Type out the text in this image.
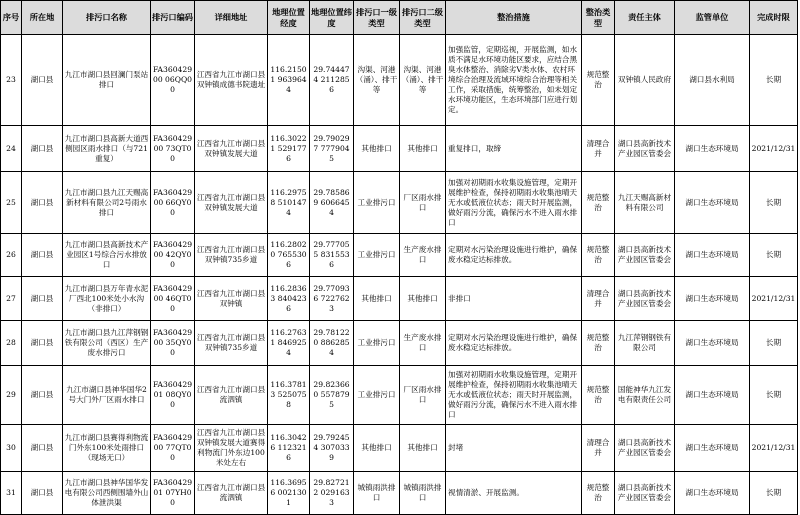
序号	所在地	排污口名称	排污口编码	详细地址	地理位置经度	地理位置纬度	排污口一级类型	排污口二级类型	整治措施	整治类型	责任主体	监管单位	完成时限
23	湖口县	九江市湖口县回澜门泵站排口	FA36042900 06QQ00	江西省九江市湖口县双钟镇成德书院遗址	116.21501 9639644	29.744474 2112856	沟渠、河港（涌）、排干等	沟渠、河港（涌）、排干等	加强监管，定期巡视，开展监测，如水质不满足水环境功能区要求，应结合黑臭水体整治、消除劣V类水体、农村环境综合治理及流域环境综合治理等相关工作，采取措施，统筹整治，如未划定水环境功能区，生态环境部门应进行划定。	规范整治	双钟镇人民政府	湖口县水利局	长期
24	湖口县	九江市湖口县高新大道西侧园区雨水排口（与721重复）	FA36042900 73QT00	江西省九江市湖口县双钟镇发展大道	116.30221 5291776	29.790297 7779045	其他排口	其他排口	重复排口，取缔	清理合并	湖口县高新技术产业园区管委会	湖口生态环境局	2021/12/31
25	湖口县	九江市湖口县九江天赐高新材料有限公司2号雨水排口	FA36042900 66QY00	江西省九江市湖口县双钟镇发展大道	116.29758 5101474	29.785869 6066454	工业排污口	厂区雨水排口	加强对初期雨水收集设施管理，定期开展维护检查，保持初期雨水收集池晴天无水或低液位状态；雨天时开展监测，做好雨污分流，确保污水不进入雨水排口	规范整治	九江天赐高新材料有限公司	湖口生态环境局	长期
26	湖口县	九江市湖口县高新技术产业园区1号综合污水排放口	FA36042900 42QY00	江西省九江市湖口县双钟镇735乡道	116.28020 7655306	29.777055 8315536	工业排污口	生产废水排口	定期对水污染治理设施进行维护，确保废水稳定达标排放。	规范整治	湖口县高新技术产业园区管委会	湖口生态环境局	长期
27	湖口县	九江市湖口县万年青水泥厂西北100米处小水沟（非排口）	FA36042900 46QT00	江西省九江市湖口县双钟镇	116.28363 8404236	29.770936 7227623	其他排口	其他排口	非排口	清理合并	湖口县高新技术产业园区管委会	湖口生态环境局	2021/12/31
28	湖口县	九江市湖口县九江萍钢钢铁有限公司（西区）生产废水排污口	FA36042900 35QY00	江西省九江市湖口县双钟镇735乡道	116.27631 8469254	29.781220 8862854	工业排污口	生产废水排口	定期对水污染治理设施进行维护，确保废水稳定达标排放。	规范整治	九江萍钢钢铁有限公司	湖口生态环境局	长期
29	湖口县	九江市湖口县神华国华2号大门外厂区雨水排口	FA36042901 08QY00	江西省九江市湖口县流泗镇	116.37813 5250758	29.823660 5578795	工业排污口	厂区雨水排口	加强对初期雨水收集设施管理，定期开展维护检查，保持初期雨水收集池晴天无水或低液位状态；雨天时开展监测，做好雨污分流，确保污水不进入雨水排口	规范整治	国能神华九江发电有限责任公司	湖口生态环境局	长期
30	湖口县	九江市湖口县赛得利物流门外东100米处雨排口（现场无口）	FA36042900 77QT00	江西省九江市湖口县双钟镇发展大道赛得利物流门外东边100米处左右	116.30426 1123216	29.792454 3070339	其他排口	其他排口	封堵	清理合并	湖口县高新技术产业园区管委会	湖口生态环境局	2021/12/31
31	湖口县	九江市湖口县神华国华发电有限公司西侧围墙外山体泄洪渠	FA36042901 07YH00	江西省九江市湖口县流泗镇	116.36956 0021301	29.827212 0291633	城镇雨洪排口	城镇雨洪排口	视情清淤、开展监测。	规范整治	湖口县高新技术产业园区管委会	湖口生态环境局	长期
